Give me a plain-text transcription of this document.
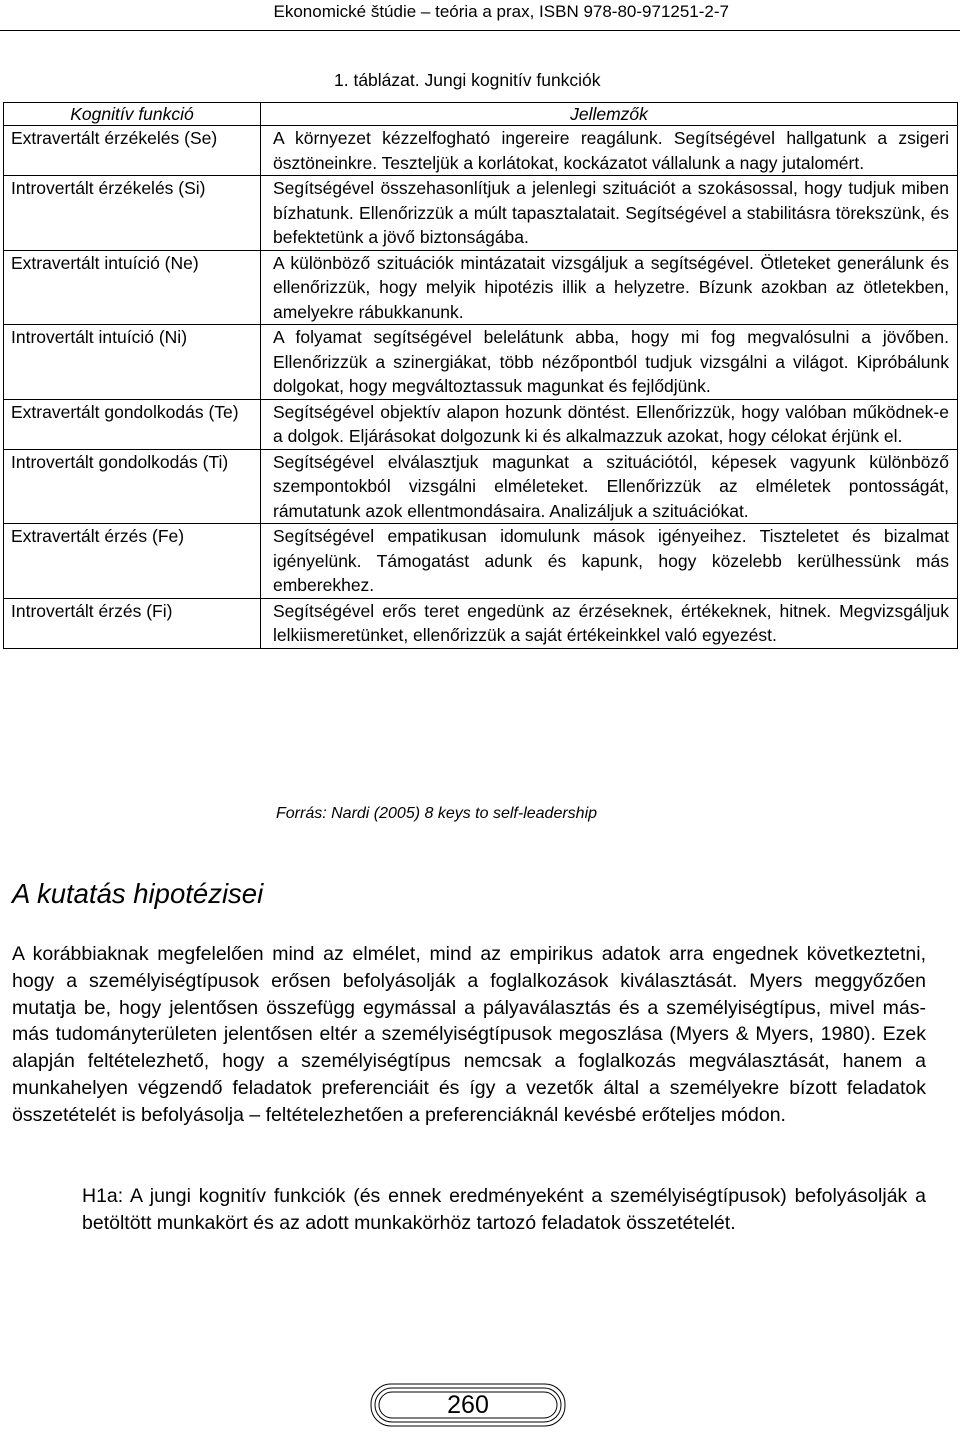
Ekonomické štúdie – teória a prax, ISBN 978-80-971251-2-7
1. táblázat. Jungi kognitív funkciók
Kognitív funkció	Jellemzők
Extravertált érzékelés (Se)	A környezet kézzelfogható ingereire reagálunk. Segítségével hallgatunk a zsigeri ösztöneinkre. Teszteljük a korlátokat, kockázatot vállalunk a nagy jutalomért.
Introvertált érzékelés (Si)	Segítségével összehasonlítjuk a jelenlegi szituációt a szokásossal, hogy tudjuk miben bízhatunk. Ellenőrizzük a múlt tapasztalatait. Segítségével a stabilitásra törekszünk, és befektetünk a jövő biztonságába.
Extravertált intuíció (Ne)	A különböző szituációk mintázatait vizsgáljuk a segítségével. Ötleteket generálunk és ellenőrizzük, hogy melyik hipotézis illik a helyzetre. Bízunk azokban az ötletekben, amelyekre rábukkanunk.
Introvertált intuíció (Ni)	A folyamat segítségével belelátunk abba, hogy mi fog megvalósulni a jövőben. Ellenőrizzük a szinergiákat, több nézőpontból tudjuk vizsgálni a világot. Kipróbálunk dolgokat, hogy megváltoztassuk magunkat és fejlődjünk.
Extravertált gondolkodás (Te)	Segítségével objektív alapon hozunk döntést. Ellenőrizzük, hogy valóban működnek-e a dolgok. Eljárásokat dolgozunk ki és alkalmazzuk azokat, hogy célokat érjünk el.
Introvertált gondolkodás (Ti)	Segítségével elválasztjuk magunkat a szituációtól, képesek vagyunk különböző szempontokból vizsgálni elméleteket. Ellenőrizzük az elméletek pontosságát, rámutatunk azok ellentmondásaira. Analizáljuk a szituációkat.
Extravertált érzés (Fe)	Segítségével empatikusan idomulunk mások igényeihez. Tiszteletet és bizalmat igényelünk. Támogatást adunk és kapunk, hogy közelebb kerülhessünk más emberekhez.
Introvertált érzés (Fi)	Segítségével erős teret engedünk az érzéseknek, értékeknek, hitnek. Megvizsgáljuk lelkiismeretünket, ellenőrizzük a saját értékeinkkel való egyezést.
Forrás: Nardi (2005) 8 keys to self-leadership
A kutatás hipotézisei

A korábbiaknak megfelelően mind az elmélet, mind az empirikus adatok arra engednek következtetni, hogy a személyiségtípusok erősen befolyásolják a foglalkozások kiválasztását. Myers meggyőzően mutatja be, hogy jelentősen összefügg egymással a pályaválasztás és a személyiségtípus, mivel más-más tudományterületen jelentősen eltér a személyiségtípusok megoszlása (Myers & Myers, 1980). Ezek alapján feltételezhető, hogy a személyiségtípus nemcsak a foglalkozás megválasztását, hanem a munkahelyen végzendő feladatok preferenciáit és így a vezetők által a személyekre bízott feladatok összetételét is befolyásolja – feltételezhetően a preferenciáknál kevésbé erőteljes módon.

H1a: A jungi kognitív funkciók (és ennek eredményeként a személyiségtípusok) befolyásolják a betöltött munkakört és az adott munkakörhöz tartozó feladatok összetételét.

260
